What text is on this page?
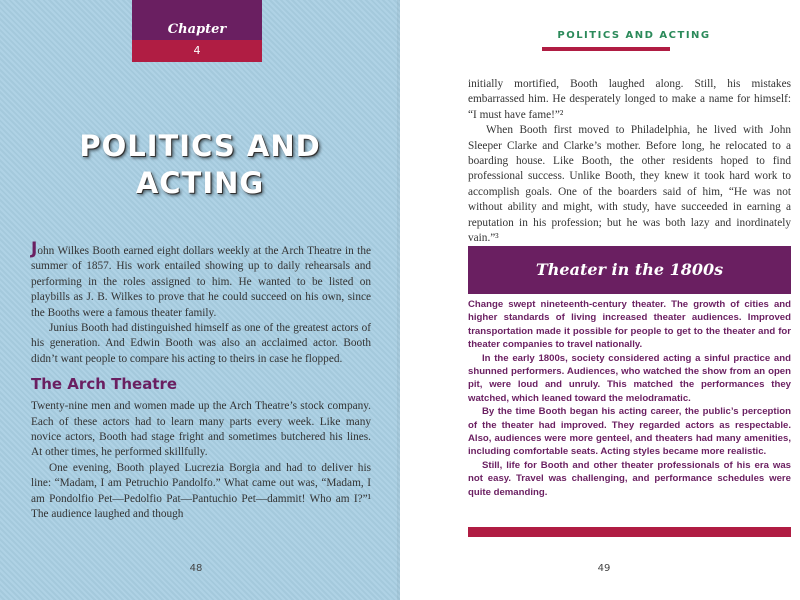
Chapter
4
POLITICS AND ACTING

John Wilkes Booth earned eight dollars weekly at the Arch Theatre in the summer of 1857. His work entailed showing up to daily rehearsals and performing in the roles assigned to him. He wanted to be listed on playbills as J. B. Wilkes to prove that he could succeed on his own, since the Booths were a famous theater family.

Junius Booth had distinguished himself as one of the greatest actors of his generation. And Edwin Booth was also an acclaimed actor. Booth didn’t want people to compare his acting to theirs in case he flopped.

The Arch Theatre

Twenty-nine men and women made up the Arch Theatre’s stock company. Each of these actors had to learn many parts every week. Like many novice actors, Booth had stage fright and sometimes butchered his lines. At other times, he performed skillfully.

One evening, Booth played Lucrezia Borgia and had to deliver his line: “Madam, I am Petruchio Pandolfo.” What came out was, “Madam, I am Pondolfio Pet—Pedolfio Pat—Pantuchio Pet—dammit! Who am I?”¹ The audience laughed and though

48
POLITICS AND ACTING

initially mortified, Booth laughed along. Still, his mistakes embarrassed him. He desperately longed to make a name for himself: “I must have fame!”²

When Booth first moved to Philadelphia, he lived with John Sleeper Clarke and Clarke’s mother. Before long, he relocated to a boarding house. Like Booth, the other residents hoped to find professional success. Unlike Booth, they knew it took hard work to accomplish goals. One of the boarders said of him, “He was not without ability and might, with study, have succeeded in earning a reputation in his profession; but he was both lazy and inordinately vain.”³

Theater in the 1800s

Change swept nineteenth-century theater. The growth of cities and higher standards of living increased theater audiences. Improved transportation made it possible for people to get to the theater and for theater companies to travel nationally.

In the early 1800s, society considered acting a sinful practice and shunned performers. Audiences, who watched the show from an open pit, were loud and unruly. This matched the performances they watched, which leaned toward the melodramatic.

By the time Booth began his acting career, the public’s perception of the theater had improved. They regarded actors as respectable. Also, audiences were more genteel, and theaters had many amenities, including comfortable seats. Acting styles became more realistic.

Still, life for Booth and other theater professionals of his era was not easy. Travel was challenging, and performance schedules were quite demanding.

49
